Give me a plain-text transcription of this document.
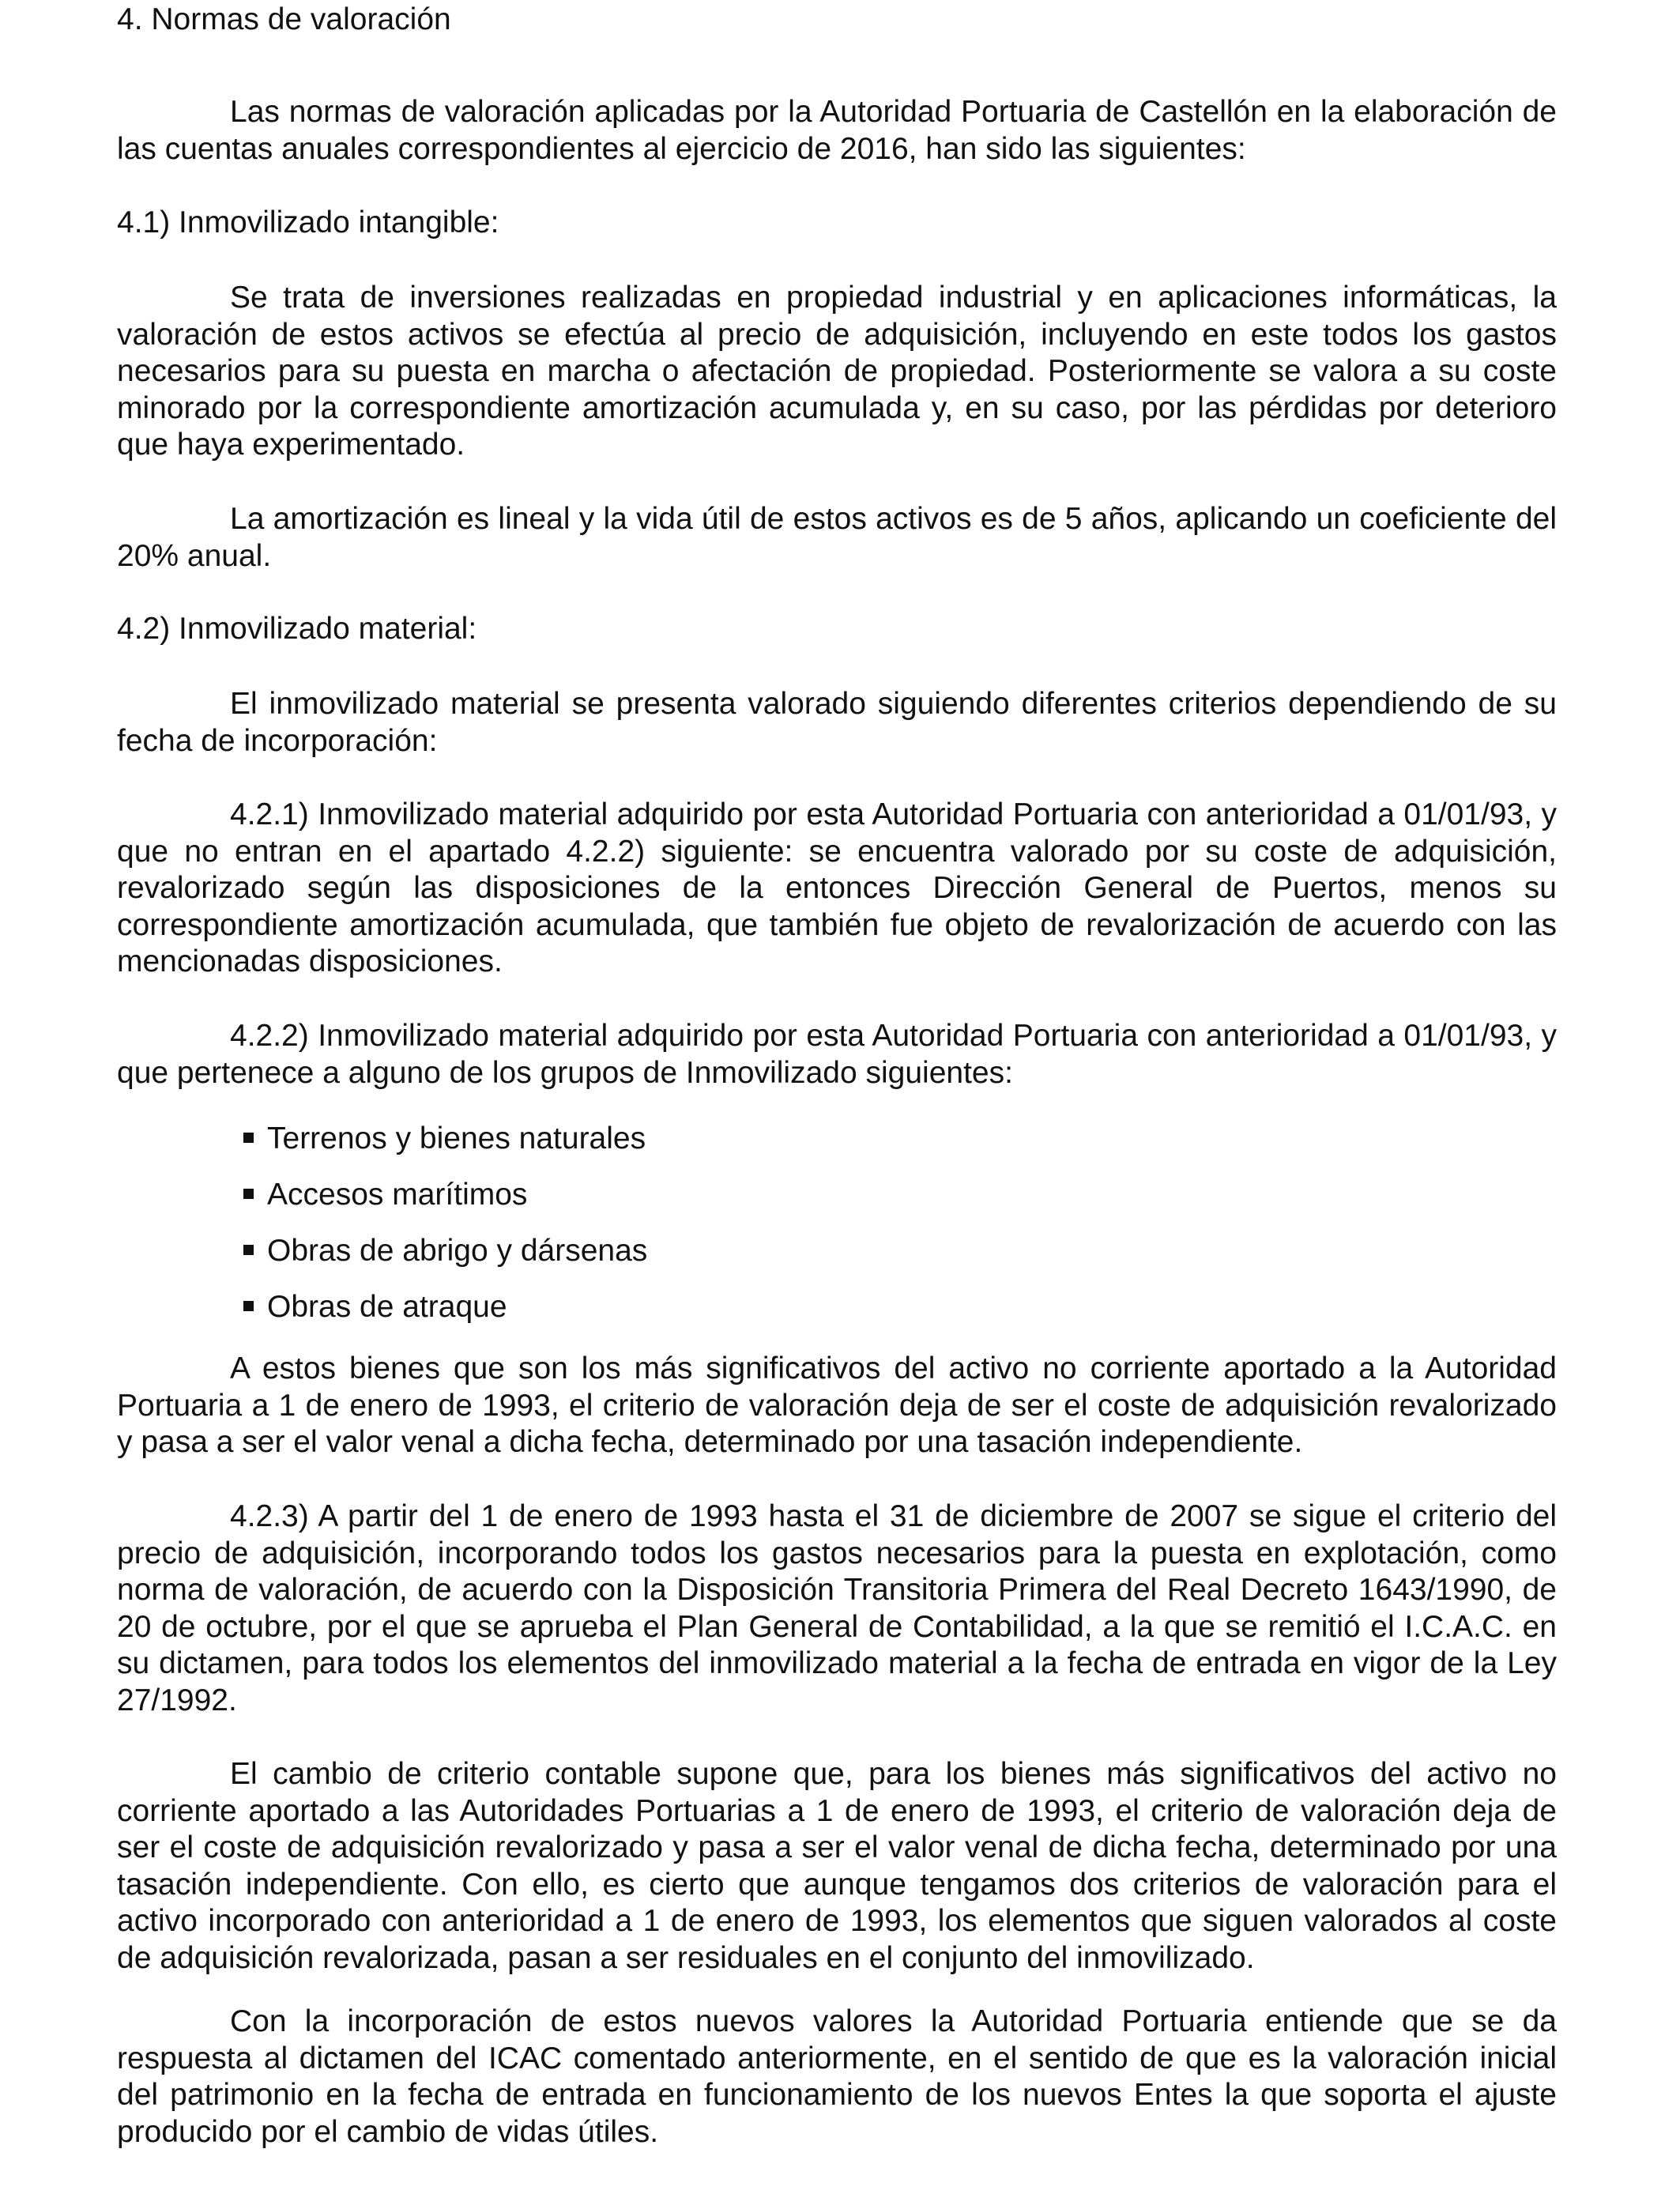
4. Normas de valoración
Las normas de valoración aplicadas por la Autoridad Portuaria de Castellón en la elaboración de las cuentas anuales correspondientes al ejercicio de 2016, han sido las siguientes:
4.1) Inmovilizado intangible:
Se trata de inversiones realizadas en propiedad industrial y en aplicaciones informáticas, la valoración de estos activos se efectúa al precio de adquisición, incluyendo en este todos los gastos necesarios para su puesta en marcha o afectación de propiedad. Posteriormente se valora a su coste minorado por la correspondiente amortización acumulada y, en su caso, por las pérdidas por deterioro que haya experimentado.
La amortización es lineal y la vida útil de estos activos es de 5 años, aplicando un coeficiente del 20% anual.
4.2) Inmovilizado material:
El inmovilizado material se presenta valorado siguiendo diferentes criterios dependiendo de su fecha de incorporación:
4.2.1) Inmovilizado material adquirido por esta Autoridad Portuaria con anterioridad a 01/01/93, y que no entran en el apartado 4.2.2) siguiente: se encuentra valorado por su coste de adquisición, revalorizado según las disposiciones de la entonces Dirección General de Puertos, menos su correspondiente amortización acumulada, que también fue objeto de revalorización de acuerdo con las mencionadas disposiciones.
4.2.2) Inmovilizado material adquirido por esta Autoridad Portuaria con anterioridad a 01/01/93, y que pertenece a alguno de los grupos de Inmovilizado siguientes:
Terrenos y bienes naturales
Accesos marítimos
Obras de abrigo y dársenas
Obras de atraque
A estos bienes que son los más significativos del activo no corriente aportado a la Autoridad Portuaria a 1 de enero de 1993, el criterio de valoración deja de ser el coste de adquisición revalorizado y pasa a ser el valor venal a dicha fecha, determinado por una tasación independiente.
4.2.3) A partir del 1 de enero de 1993 hasta el 31 de diciembre de 2007 se sigue el criterio del precio de adquisición, incorporando todos los gastos necesarios para la puesta en explotación, como norma de valoración, de acuerdo con la Disposición Transitoria Primera del Real Decreto 1643/1990, de 20 de octubre, por el que se aprueba el Plan General de Contabilidad, a la que se remitió el I.C.A.C. en su dictamen, para todos los elementos del inmovilizado material a la fecha de entrada en vigor de la Ley 27/1992.
El cambio de criterio contable supone que, para los bienes más significativos del activo no corriente aportado a las Autoridades Portuarias a 1 de enero de 1993, el criterio de valoración deja de ser el coste de adquisición revalorizado y pasa a ser el valor venal de dicha fecha, determinado por una tasación independiente. Con ello, es cierto que aunque tengamos dos criterios de valoración para el activo incorporado con anterioridad a 1 de enero de 1993, los elementos que siguen valorados al coste de adquisición revalorizada, pasan a ser residuales en el conjunto del inmovilizado.
Con la incorporación de estos nuevos valores la Autoridad Portuaria entiende que se da respuesta al dictamen del ICAC comentado anteriormente, en el sentido de que es la valoración inicial del patrimonio en la fecha de entrada en funcionamiento de los nuevos Entes la que soporta el ajuste producido por el cambio de vidas útiles.
